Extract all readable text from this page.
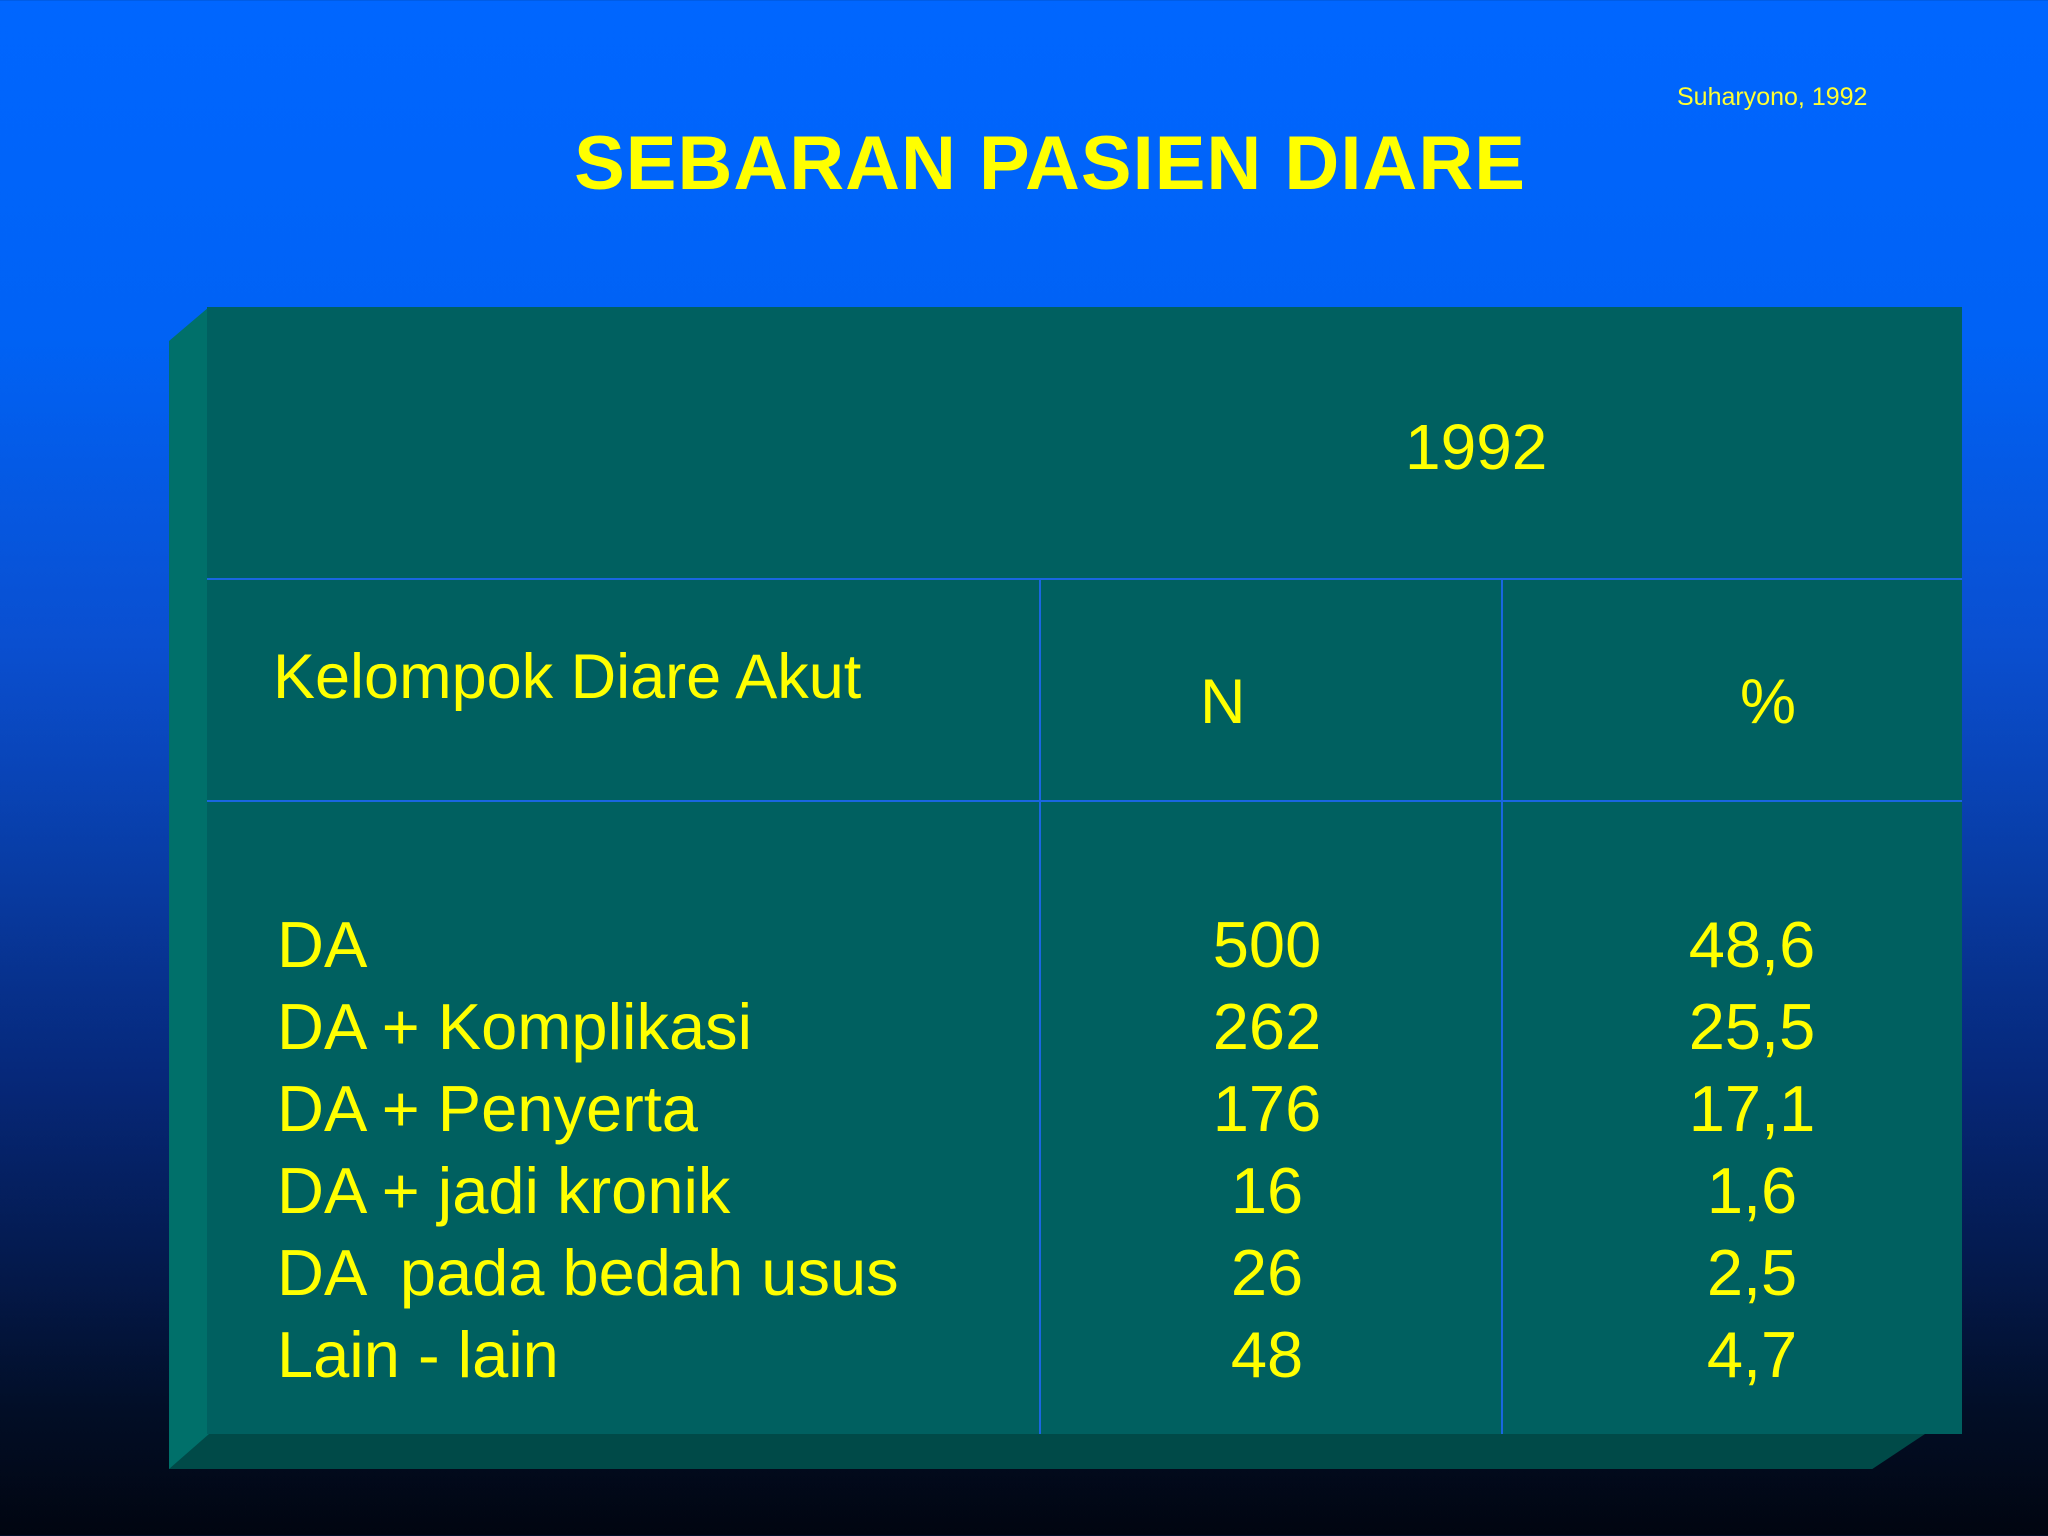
Suharyono, 1992
SEBARAN PASIEN DIARE
1992
Kelompok Diare Akut	N	%
DA	500	48,6
DA + Komplikasi	262	25,5
DA + Penyerta	176	17,1
DA + jadi kronik	16	1,6
DA  pada bedah usus	26	2,5
Lain - lain	48	4,7
